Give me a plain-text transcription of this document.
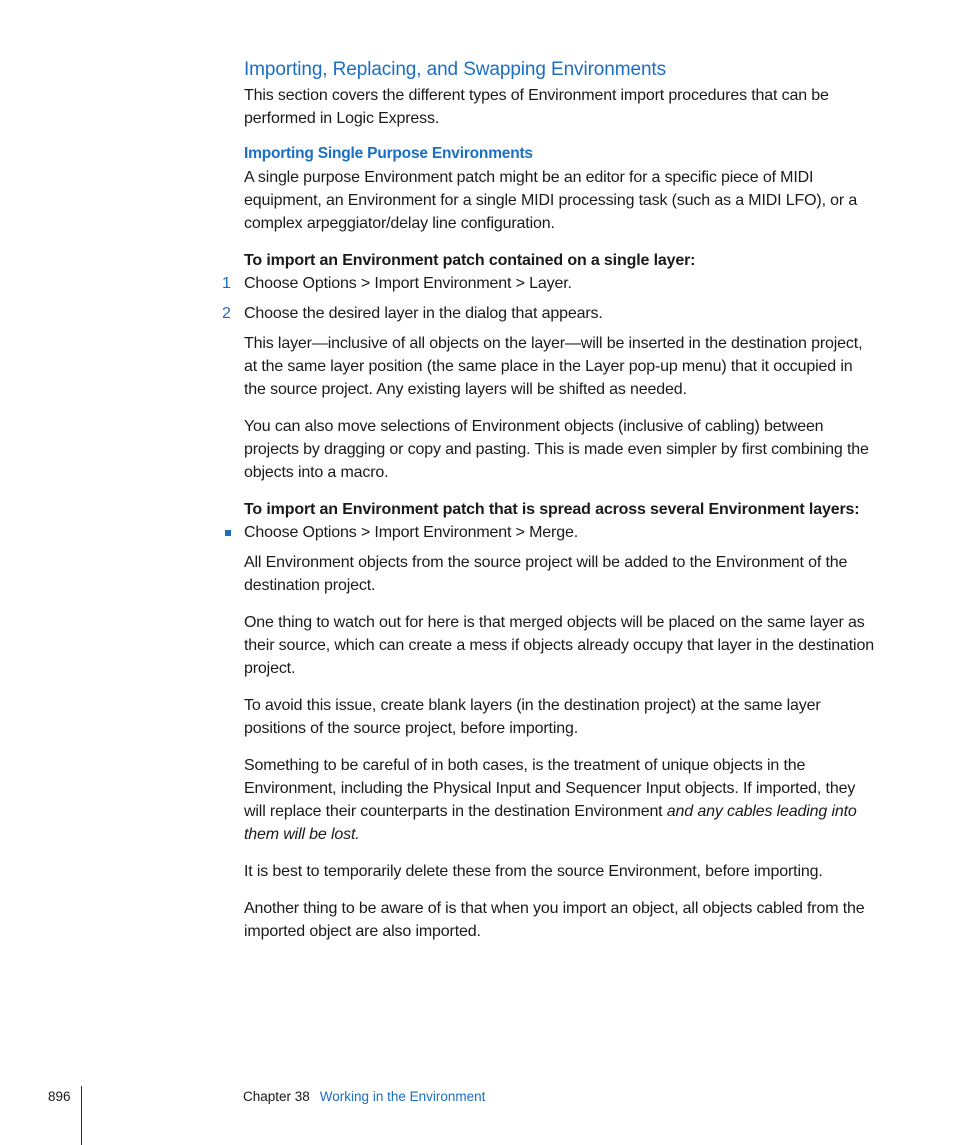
Importing, Replacing, and Swapping Environments

This section covers the different types of Environment import procedures that can be performed in Logic Express.

Importing Single Purpose Environments

A single purpose Environment patch might be an editor for a specific piece of MIDI equipment, an Environment for a single MIDI processing task (such as a MIDI LFO), or a complex arpeggiator/delay line configuration.

To import an Environment patch contained on a single layer:

1 Choose Options > Import Environment > Layer.

2 Choose the desired layer in the dialog that appears.

This layer—inclusive of all objects on the layer—will be inserted in the destination project, at the same layer position (the same place in the Layer pop-up menu) that it occupied in the source project. Any existing layers will be shifted as needed.

You can also move selections of Environment objects (inclusive of cabling) between projects by dragging or copy and pasting. This is made even simpler by first combining the objects into a macro.

To import an Environment patch that is spread across several Environment layers:

Choose Options > Import Environment > Merge.

All Environment objects from the source project will be added to the Environment of the destination project.

One thing to watch out for here is that merged objects will be placed on the same layer as their source, which can create a mess if objects already occupy that layer in the destination project.

To avoid this issue, create blank layers (in the destination project) at the same layer positions of the source project, before importing.

Something to be careful of in both cases, is the treatment of unique objects in the Environment, including the Physical Input and Sequencer Input objects. If imported, they will replace their counterparts in the destination Environment and any cables leading into them will be lost.

It is best to temporarily delete these from the source Environment, before importing.

Another thing to be aware of is that when you import an object, all objects cabled from the imported object are also imported.

896	Chapter 38 Working in the Environment
